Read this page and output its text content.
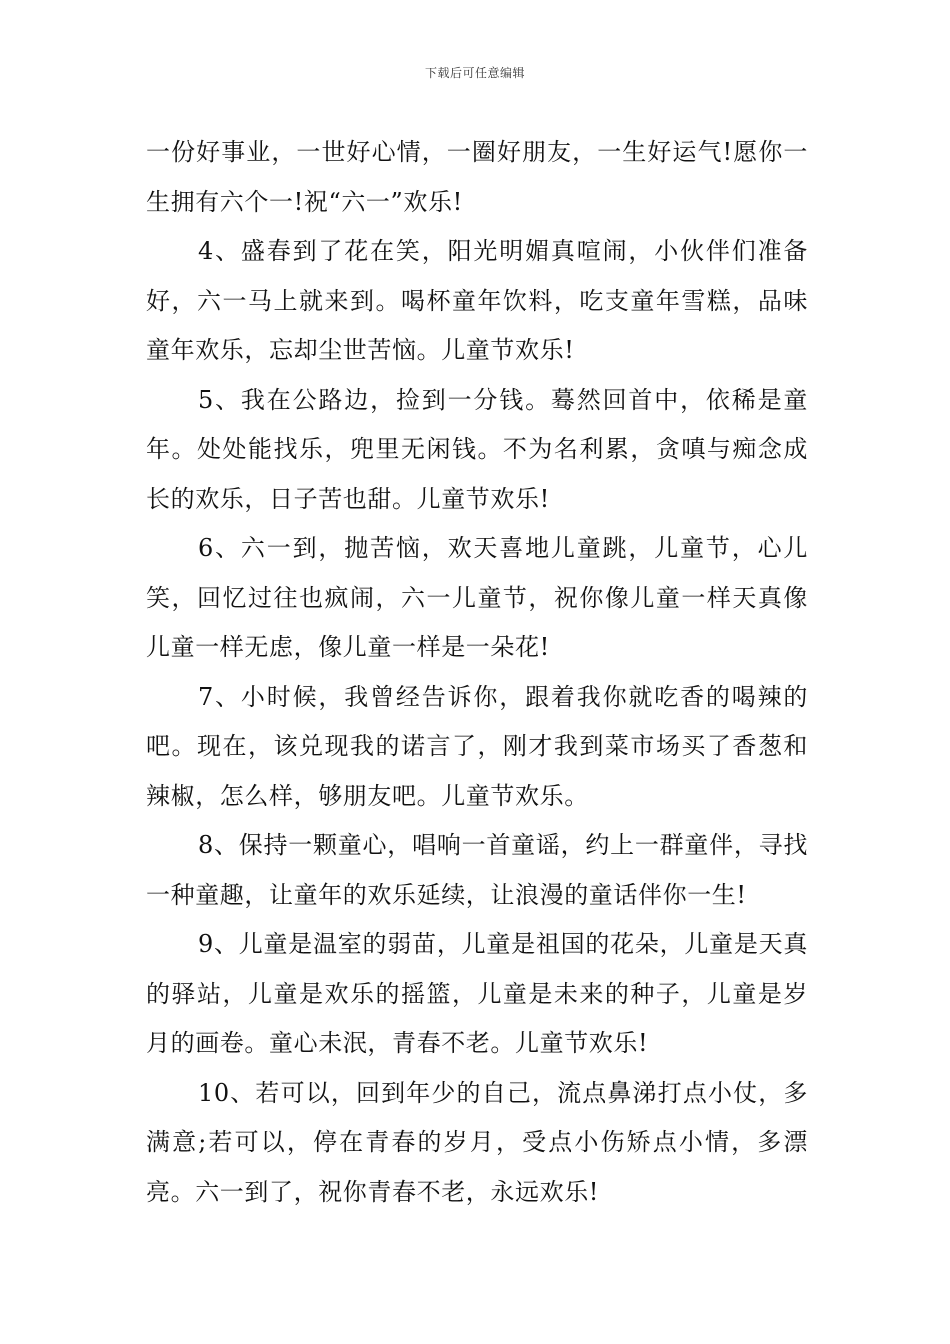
下载后可任意编辑

一份好事业，一世好心情，一圈好朋友，一生好运气!愿你一生拥有六个一!祝“六一”欢乐!

4、盛春到了花在笑，阳光明媚真喧闹，小伙伴们准备好，六一马上就来到。喝杯童年饮料，吃支童年雪糕，品味童年欢乐，忘却尘世苦恼。儿童节欢乐!

5、我在公路边，捡到一分钱。蓦然回首中，依稀是童年。处处能找乐，兜里无闲钱。不为名利累，贪嗔与痴念成长的欢乐，日子苦也甜。儿童节欢乐!

6、六一到，抛苦恼，欢天喜地儿童跳，儿童节，心儿笑，回忆过往也疯闹，六一儿童节，祝你像儿童一样天真像儿童一样无虑，像儿童一样是一朵花!

7、小时候，我曾经告诉你，跟着我你就吃香的喝辣的吧。现在，该兑现我的诺言了，刚才我到菜市场买了香葱和辣椒，怎么样，够朋友吧。儿童节欢乐。

8、保持一颗童心，唱响一首童谣，约上一群童伴，寻找一种童趣，让童年的欢乐延续，让浪漫的童话伴你一生!

9、儿童是温室的弱苗，儿童是祖国的花朵，儿童是天真的驿站，儿童是欢乐的摇篮，儿童是未来的种子，儿童是岁月的画卷。童心未泯，青春不老。儿童节欢乐!

10、若可以，回到年少的自己，流点鼻涕打点小仗，多满意;若可以，停在青春的岁月，受点小伤矫点小情，多漂亮。六一到了，祝你青春不老，永远欢乐!
